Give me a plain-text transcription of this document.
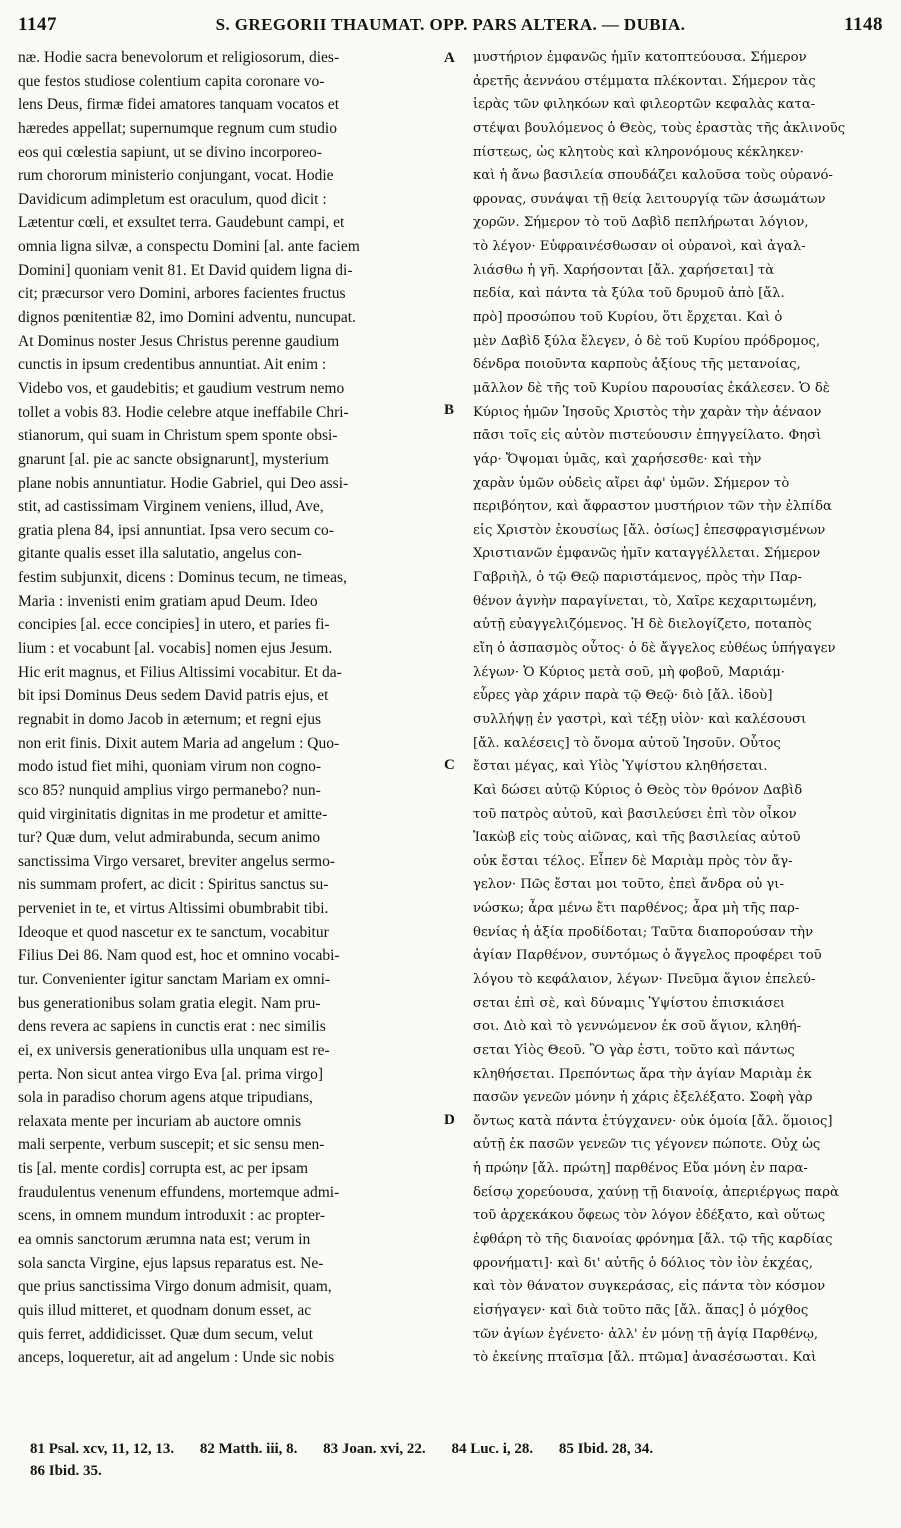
1147	S. GREGORII THAUMAT. OPP. PARS ALTERA. — DUBIA.	1148
næ. Hodie sacra benevolorum et religiosorum, dies-
que festos studiose colentium capita coronare vo-
lens Deus, firmæ fidei amatores tanquam vocatos et
hæredes appellat; supernumque regnum cum studio
eos qui cœlestia sapiunt, ut se divino incorporeo-
rum chororum ministerio conjungant, vocat. Hodie
Davidicum adimpletum est oraculum, quod dicit :
Lætentur cœli, et exsultet terra. Gaudebunt campi, et
omnia ligna silvæ, a conspectu Domini [al. ante faciem
Domini] quoniam venit 81. Et David quidem ligna di-
cit; præcursor vero Domini, arbores facientes fructus
dignos pœnitentiæ 82, imo Domini adventu, nuncupat.
At Dominus noster Jesus Christus perenne gaudium
cunctis in ipsum credentibus annuntiat. Ait enim :
Videbo vos, et gaudebitis; et gaudium vestrum nemo
tollet a vobis 83. Hodie celebre atque ineffabile Chri-
stianorum, qui suam in Christum spem sponte obsi-
gnarunt [al. pie ac sancte obsignarunt], mysterium
plane nobis annuntiatur. Hodie Gabriel, qui Deo assi-
stit, ad castissimam Virginem veniens, illud, Ave,
gratia plena 84, ipsi annuntiat. Ipsa vero secum co-
gitante qualis esset illa salutatio, angelus con-
festim subjunxit, dicens : Dominus tecum, ne timeas,
Maria : invenisti enim gratiam apud Deum. Ideo
concipies [al. ecce concipies] in utero, et paries fi-
lium : et vocabunt [al. vocabis] nomen ejus Jesum.
Hic erit magnus, et Filius Altissimi vocabitur. Et da-
bit ipsi Dominus Deus sedem David patris ejus, et
regnabit in domo Jacob in æternum; et regni ejus
non erit finis. Dixit autem Maria ad angelum : Quo-
modo istud fiet mihi, quoniam virum non cogno-
sco 85? nunquid amplius virgo permanebo? nun-
quid virginitatis dignitas in me prodetur et amitte-
tur? Quæ dum, velut admirabunda, secum animo
sanctissima Virgo versaret, breviter angelus sermo-
nis summam profert, ac dicit : Spiritus sanctus su-
perveniet in te, et virtus Altissimi obumbrabit tibi.
Ideoque et quod nascetur ex te sanctum, vocabitur
Filius Dei 86. Nam quod est, hoc et omnino vocabi-
tur. Convenienter igitur sanctam Mariam ex omni-
bus generationibus solam gratia elegit. Nam pru-
dens revera ac sapiens in cunctis erat : nec similis
ei, ex universis generationibus ulla unquam est re-
perta. Non sicut antea virgo Eva [al. prima virgo]
sola in paradiso chorum agens atque tripudians,
relaxata mente per incuriam ab auctore omnis
mali serpente, verbum suscepit; et sic sensu men-
tis [al. mente cordis] corrupta est, ac per ipsam
fraudulentus venenum effundens, mortemque admi-
scens, in omnem mundum introduxit : ac propter-
ea omnis sanctorum ærumna nata est; verum in
sola sancta Virgine, ejus lapsus reparatus est. Ne-
que prius sanctissima Virgo donum admisit, quam,
quis illud mitteret, et quodnam donum esset, ac
quis ferret, addidicisset. Quæ dum secum, velut
anceps, loqueretur, ait ad angelum : Unde sic nobis
A
B
C
D
μυστήριον ἐμφανῶς ἡμῖν κατοπτεύουσα. Σήμερον
ἀρετῆς ἀεννάου στέμματα πλέκονται. Σήμερον τὰς
ἱερὰς τῶν φιληκόων καὶ φιλεορτῶν κεφαλὰς κατα-
στέψαι βουλόμενος ὁ Θεὸς, τοὺς ἐραστὰς τῆς ἀκλινοῦς
πίστεως, ὡς κλητοὺς καὶ κληρονόμους κέκληκεν·
καὶ ἡ ἄνω βασιλεία σπουδάζει καλοῦσα τοὺς οὐρανό-
φρονας, συνάψαι τῇ θείᾳ λειτουργίᾳ τῶν ἀσωμάτων
χορῶν. Σήμερον τὸ τοῦ Δαβὶδ πεπλήρωται λόγιον,
τὸ λέγον· Εὐφραινέσθωσαν οἱ οὐρανοὶ, καὶ ἀγαλ-
λιάσθω ἡ γῆ. Χαρήσονται [ἄλ. χαρήσεται] τὰ
πεδία, καὶ πάντα τὰ ξύλα τοῦ δρυμοῦ ἀπὸ [ἄλ.
πρὸ] προσώπου τοῦ Κυρίου, ὅτι ἔρχεται. Καὶ ὁ
μὲν Δαβὶδ ξύλα ἔλεγεν, ὁ δὲ τοῦ Κυρίου πρόδρομος,
δένδρα ποιοῦντα καρποὺς ἀξίους τῆς μετανοίας,
μᾶλλον δὲ τῆς τοῦ Κυρίου παρουσίας ἐκάλεσεν. Ὁ δὲ
Κύριος ἡμῶν Ἰησοῦς Χριστὸς τὴν χαρὰν τὴν ἀέναον
πᾶσι τοῖς εἰς αὐτὸν πιστεύουσιν ἐπηγγείλατο. Φησὶ
γάρ· Ὄψομαι ὑμᾶς, καὶ χαρήσεσθε· καὶ τὴν
χαρὰν ὑμῶν οὐδεὶς αἴρει ἀφ' ὑμῶν. Σήμερον τὸ
περιβόητον, καὶ ἄφραστον μυστήριον τῶν τὴν ἐλπίδα
εἰς Χριστὸν ἑκουσίως [ἄλ. ὁσίως] ἐπεσφραγισμένων
Χριστιανῶν ἐμφανῶς ἡμῖν καταγγέλλεται. Σήμερον
Γαβριὴλ, ὁ τῷ Θεῷ παριστάμενος, πρὸς τὴν Παρ-
θένον ἁγνὴν παραγίνεται, τὸ, Χαῖρε κεχαριτωμένη,
αὐτῇ εὐαγγελιζόμενος. Ἡ δὲ διελογίζετο, ποταπὸς
εἴη ὁ ἀσπασμὸς οὗτος· ὁ δὲ ἄγγελος εὐθέως ὑπήγαγεν
λέγων· Ὁ Κύριος μετὰ σοῦ, μὴ φοβοῦ, Μαριάμ·
εὗρες γὰρ χάριν παρὰ τῷ Θεῷ· διὸ [ἄλ. ἰδοὺ]
συλλήψῃ ἐν γαστρὶ, καὶ τέξῃ υἱὸν· καὶ καλέσουσι
[ἄλ. καλέσεις] τὸ ὄνομα αὐτοῦ Ἰησοῦν. Οὗτος
ἔσται μέγας, καὶ Υἱὸς Ὑψίστου κληθήσεται.
Καὶ δώσει αὐτῷ Κύριος ὁ Θεὸς τὸν θρόνον Δαβὶδ
τοῦ πατρὸς αὐτοῦ, καὶ βασιλεύσει ἐπὶ τὸν οἶκον
Ἰακὼβ εἰς τοὺς αἰῶνας, καὶ τῆς βασιλείας αὐτοῦ
οὐκ ἔσται τέλος. Εἶπεν δὲ Μαριὰμ πρὸς τὸν ἄγ-
γελον· Πῶς ἔσται μοι τοῦτο, ἐπεὶ ἄνδρα οὐ γι-
νώσκω; ἆρα μένω ἔτι παρθένος; ἆρα μὴ τῆς παρ-
θενίας ἡ ἀξία προδίδοται; Ταῦτα διαπορούσαν τὴν
ἁγίαν Παρθένον, συντόμως ὁ ἄγγελος προφέρει τοῦ
λόγου τὸ κεφάλαιον, λέγων· Πνεῦμα ἅγιον ἐπελεύ-
σεται ἐπὶ σὲ, καὶ δύναμις Ὑψίστου ἐπισκιάσει
σοι. Διὸ καὶ τὸ γεννώμενον ἐκ σοῦ ἅγιον, κληθή-
σεται Υἱὸς Θεοῦ. Ὃ γὰρ ἐστι, τοῦτο καὶ πάντως
κληθήσεται. Πρεπόντως ἄρα τὴν ἁγίαν Μαριὰμ ἐκ
πασῶν γενεῶν μόνην ἡ χάρις ἐξελέξατο. Σοφὴ γὰρ
ὄντως κατὰ πάντα ἐτύγχανεν· οὐκ ὁμοία [ἄλ. ὅμοιος]
αὐτῇ ἐκ πασῶν γενεῶν τις γέγονεν πώποτε. Οὐχ ὡς
ἡ πρώην [ἄλ. πρώτη] παρθένος Εὔα μόνη ἐν παρα-
δείσῳ χορεύουσα, χαύνῃ τῇ διανοίᾳ, ἀπεριέργως παρὰ
τοῦ ἀρχεκάκου ὄφεως τὸν λόγον ἐδέξατο, καὶ οὕτως
ἐφθάρη τὸ τῆς διανοίας φρόνημα [ἄλ. τῷ τῆς καρδίας
φρονήματι]· καὶ δι' αὐτῆς ὁ δόλιος τὸν ἰὸν ἐκχέας,
καὶ τὸν θάνατον συγκεράσας, εἰς πάντα τὸν κόσμον
εἰσήγαγεν· καὶ διὰ τοῦτο πᾶς [ἄλ. ἅπας] ὁ μόχθος
τῶν ἁγίων ἐγένετο· ἀλλ' ἐν μόνῃ τῇ ἁγίᾳ Παρθένῳ,
τὸ ἐκείνης πταῖσμα [ἄλ. πτῶμα] ἀνασέσωσται. Καὶ
81 Psal. xcv, 11, 12, 13. 82 Matth. iii, 8. 83 Joan. xvi, 22. 84 Luc. i, 28. 85 Ibid. 28, 34.
86 Ibid. 35.
